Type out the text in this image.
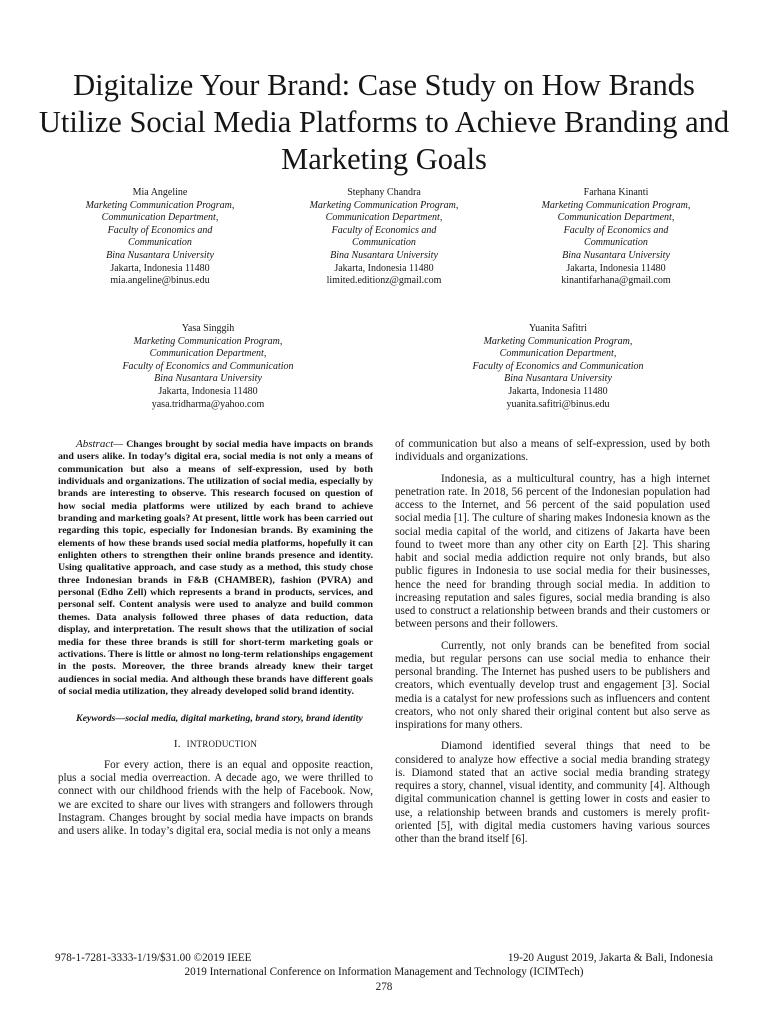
Digitalize Your Brand: Case Study on How Brands Utilize Social Media Platforms to Achieve Branding and Marketing Goals
Mia Angeline
Marketing Communication Program,
Communication Department,
Faculty of Economics and
Communication
Bina Nusantara University
Jakarta, Indonesia 11480
mia.angeline@binus.edu
Stephany Chandra
Marketing Communication Program,
Communication Department,
Faculty of Economics and
Communication
Bina Nusantara University
Jakarta, Indonesia 11480
limited.editionz@gmail.com
Farhana Kinanti
Marketing Communication Program,
Communication Department,
Faculty of Economics and
Communication
Bina Nusantara University
Jakarta, Indonesia 11480
kinantifarhana@gmail.com
Yasa Singgih
Marketing Communication Program,
Communication Department,
Faculty of Economics and Communication
Bina Nusantara University
Jakarta, Indonesia 11480
yasa.tridharma@yahoo.com
Yuanita Safitri
Marketing Communication Program,
Communication Department,
Faculty of Economics and Communication
Bina Nusantara University
Jakarta, Indonesia 11480
yuanita.safitri@binus.edu

Abstract— Changes brought by social media have impacts on brands and users alike. In today’s digital era, social media is not only a means of communication but also a means of self-expression, used by both individuals and organizations. The utilization of social media, especially by brands are interesting to observe. This research focused on question of how social media platforms were utilized by each brand to achieve branding and marketing goals? At present, little work has been carried out regarding this topic, especially for Indonesian brands. By examining the elements of how these brands used social media platforms, hopefully it can enlighten others to strengthen their online brands presence and identity. Using qualitative approach, and case study as a method, this study chose three Indonesian brands in F&B (CHAMBER), fashion (PVRA) and personal (Edho Zell) which represents a brand in products, services, and personal self. Content analysis were used to analyze and build common themes. Data analysis followed three phases of data reduction, data display, and interpretation. The result shows that the utilization of social media for these three brands is still for short-term marketing goals or activations. There is little or almost no long-term relationships engagement in the posts. Moreover, the three brands already knew their target audiences in social media. And although these brands have different goals of social media utilization, they already developed solid brand identity.

Keywords—social media, digital marketing, brand story, brand identity

I. INTRODUCTION

For every action, there is an equal and opposite reaction, plus a social media overreaction. A decade ago, we were thrilled to connect with our childhood friends with the help of Facebook. Now, we are excited to share our lives with strangers and followers through Instagram. Changes brought by social media have impacts on brands and users alike. In today’s digital era, social media is not only a means

of communication but also a means of self-expression, used by both individuals and organizations.

Indonesia, as a multicultural country, has a high internet penetration rate. In 2018, 56 percent of the Indonesian population had access to the Internet, and 56 percent of the said population used social media [1]. The culture of sharing makes Indonesia known as the social media capital of the world, and citizens of Jakarta have been found to tweet more than any other city on Earth [2]. This sharing habit and social media addiction require not only brands, but also public figures in Indonesia to use social media for their businesses, hence the need for branding through social media. In addition to increasing reputation and sales figures, social media branding is also used to construct a relationship between brands and their customers or between persons and their followers.

Currently, not only brands can be benefited from social media, but regular persons can use social media to enhance their personal branding. The Internet has pushed users to be publishers and creators, which eventually develop trust and engagement [3]. Social media is a catalyst for new professions such as influencers and content creators, who not only shared their original content but also serve as inspirations for many others.

Diamond identified several things that need to be considered to analyze how effective a social media branding strategy is. Diamond stated that an active social media branding strategy requires a story, channel, visual identity, and community [4]. Although digital communication channel is getting lower in costs and easier to use, a relationship between brands and customers is merely profit-oriented [5], with digital media customers having various sources other than the brand itself [6].

978-1-7281-3333-1/19/$31.00 ©2019 IEEE	19-20 August 2019, Jakarta & Bali, Indonesia
2019 International Conference on Information Management and Technology (ICIMTech)
278
